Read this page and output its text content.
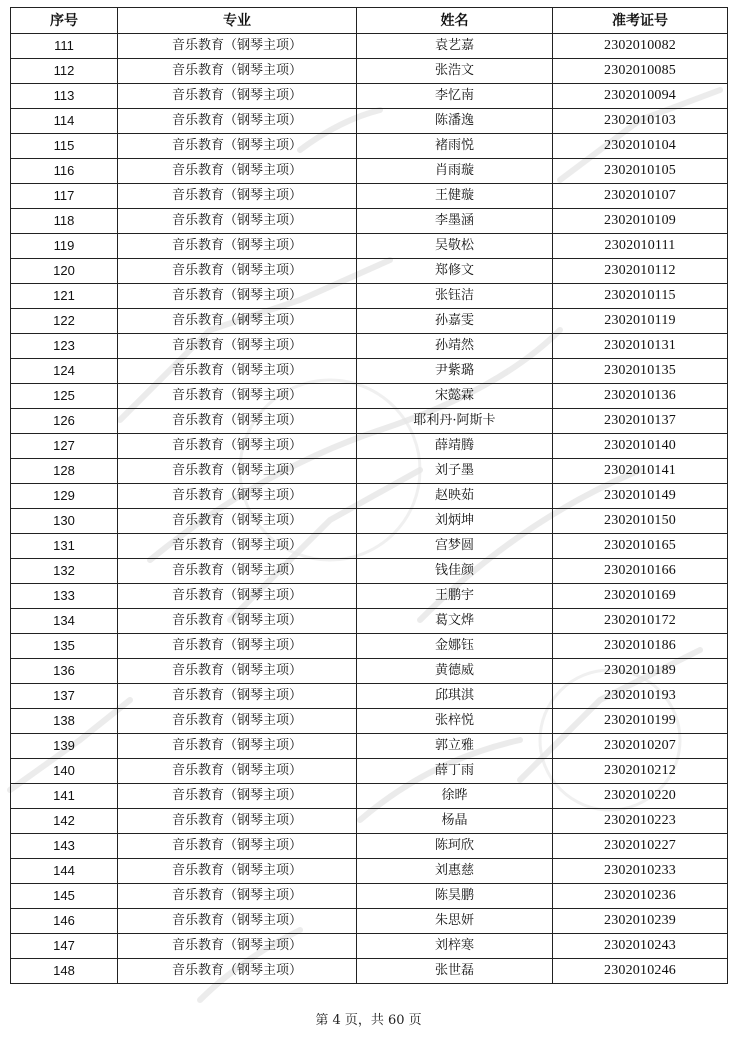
序号	专业	姓名	准考证号
111	音乐教育（钢琴主项）	袁艺嘉	2302010082
112	音乐教育（钢琴主项）	张浩文	2302010085
113	音乐教育（钢琴主项）	李忆南	2302010094
114	音乐教育（钢琴主项）	陈潘逸	2302010103
115	音乐教育（钢琴主项）	褚雨悦	2302010104
116	音乐教育（钢琴主项）	肖雨璇	2302010105
117	音乐教育（钢琴主项）	王健璇	2302010107
118	音乐教育（钢琴主项）	李墨涵	2302010109
119	音乐教育（钢琴主项）	吴敬松	2302010111
120	音乐教育（钢琴主项）	郑修文	2302010112
121	音乐教育（钢琴主项）	张钰洁	2302010115
122	音乐教育（钢琴主项）	孙嘉雯	2302010119
123	音乐教育（钢琴主项）	孙靖然	2302010131
124	音乐教育（钢琴主项）	尹紫璐	2302010135
125	音乐教育（钢琴主项）	宋懿霖	2302010136
126	音乐教育（钢琴主项）	耶利丹·阿斯卡	2302010137
127	音乐教育（钢琴主项）	薛靖腾	2302010140
128	音乐教育（钢琴主项）	刘子墨	2302010141
129	音乐教育（钢琴主项）	赵映茹	2302010149
130	音乐教育（钢琴主项）	刘炳坤	2302010150
131	音乐教育（钢琴主项）	宫梦圆	2302010165
132	音乐教育（钢琴主项）	钱佳颜	2302010166
133	音乐教育（钢琴主项）	王鹏宇	2302010169
134	音乐教育（钢琴主项）	葛文烨	2302010172
135	音乐教育（钢琴主项）	金娜钰	2302010186
136	音乐教育（钢琴主项）	黄德威	2302010189
137	音乐教育（钢琴主项）	邱琪淇	2302010193
138	音乐教育（钢琴主项）	张梓悦	2302010199
139	音乐教育（钢琴主项）	郭立雅	2302010207
140	音乐教育（钢琴主项）	薛丁雨	2302010212
141	音乐教育（钢琴主项）	徐晔	2302010220
142	音乐教育（钢琴主项）	杨晶	2302010223
143	音乐教育（钢琴主项）	陈珂欣	2302010227
144	音乐教育（钢琴主项）	刘惠慈	2302010233
145	音乐教育（钢琴主项）	陈昊鹏	2302010236
146	音乐教育（钢琴主项）	朱思妍	2302010239
147	音乐教育（钢琴主项）	刘梓寒	2302010243
148	音乐教育（钢琴主项）	张世磊	2302010246
第 4 页，共 60 页
